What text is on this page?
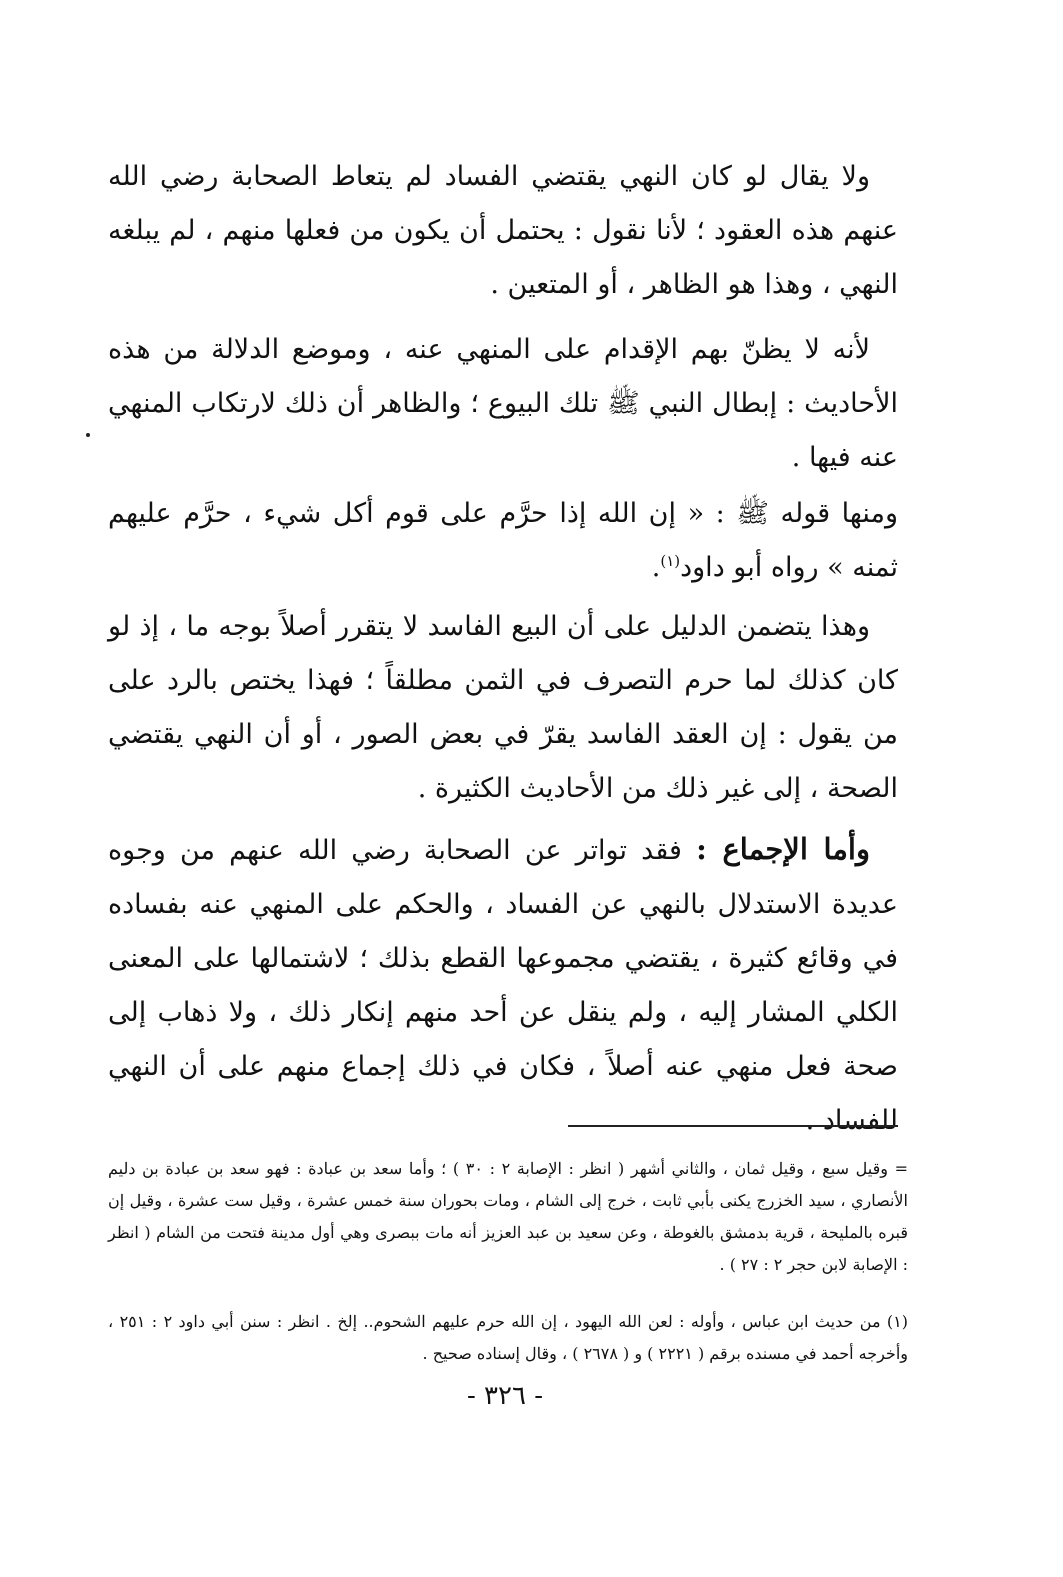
ولا يقال لو كان النهي يقتضي الفساد لم يتعاط الصحابة رضي الله عنهم هذه العقود ؛ لأنا نقول : يحتمل أن يكون من فعلها منهم ، لم يبلغه النهي ، وهذا هو الظاهر ، أو المتعين .

لأنه لا يظنّ بهم الإقدام على المنهي عنه ، وموضع الدلالة من هذه الأحاديث : إبطال النبي ﷺ تلك البيوع ؛ والظاهر أن ذلك لارتكاب المنهي عنه فيها .

ومنها قوله ﷺ : « إن الله إذا حرَّم على قوم أكل شيء ، حرَّم عليهم ثمنه » رواه أبو داود$^{(١)}$.

وهذا يتضمن الدليل على أن البيع الفاسد لا يتقرر أصلاً بوجه ما ، إذ لو كان كذلك لما حرم التصرف في الثمن مطلقاً ؛ فهذا يختص بالرد على من يقول : إن العقد الفاسد يقرّ في بعض الصور ، أو أن النهي يقتضي الصحة ، إلى غير ذلك من الأحاديث الكثيرة .

وأما الإجماع : فقد تواتر عن الصحابة رضي الله عنهم من وجوه عديدة الاستدلال بالنهي عن الفساد ، والحكم على المنهي عنه بفساده في وقائع كثيرة ، يقتضي مجموعها القطع بذلك ؛ لاشتمالها على المعنى الكلي المشار إليه ، ولم ينقل عن أحد منهم إنكار ذلك ، ولا ذهاب إلى صحة فعل منهي عنه أصلاً ، فكان في ذلك إجماع منهم على أن النهي للفساد .

= وقيل سبع ، وقيل ثمان ، والثاني أشهر ( انظر : الإصابة ٢ : ٣٠ ) ؛ وأما سعد بن عبادة : فهو سعد بن عبادة بن دليم الأنصاري ، سيد الخزرج يكنى بأبي ثابت ، خرج إلى الشام ، ومات بحوران سنة خمس عشرة ، وقيل ست عشرة ، وقيل إن قبره بالمليحة ، قرية بدمشق بالغوطة ، وعن سعيد بن عبد العزيز أنه مات ببصرى وهي أول مدينة فتحت من الشام ( انظر : الإصابة لابن حجر ٢ : ٢٧ ) .

(١) من حديث ابن عباس ، وأوله : لعن الله اليهود ، إن الله حرم عليهم الشحوم.. إلخ . انظر : سنن أبي داود ٢ : ٢٥١ ، وأخرجه أحمد في مسنده برقم ( ٢٢٢١ ) و ( ٢٦٧٨ ) ، وقال إسناده صحيح .

- ٣٢٦ -
